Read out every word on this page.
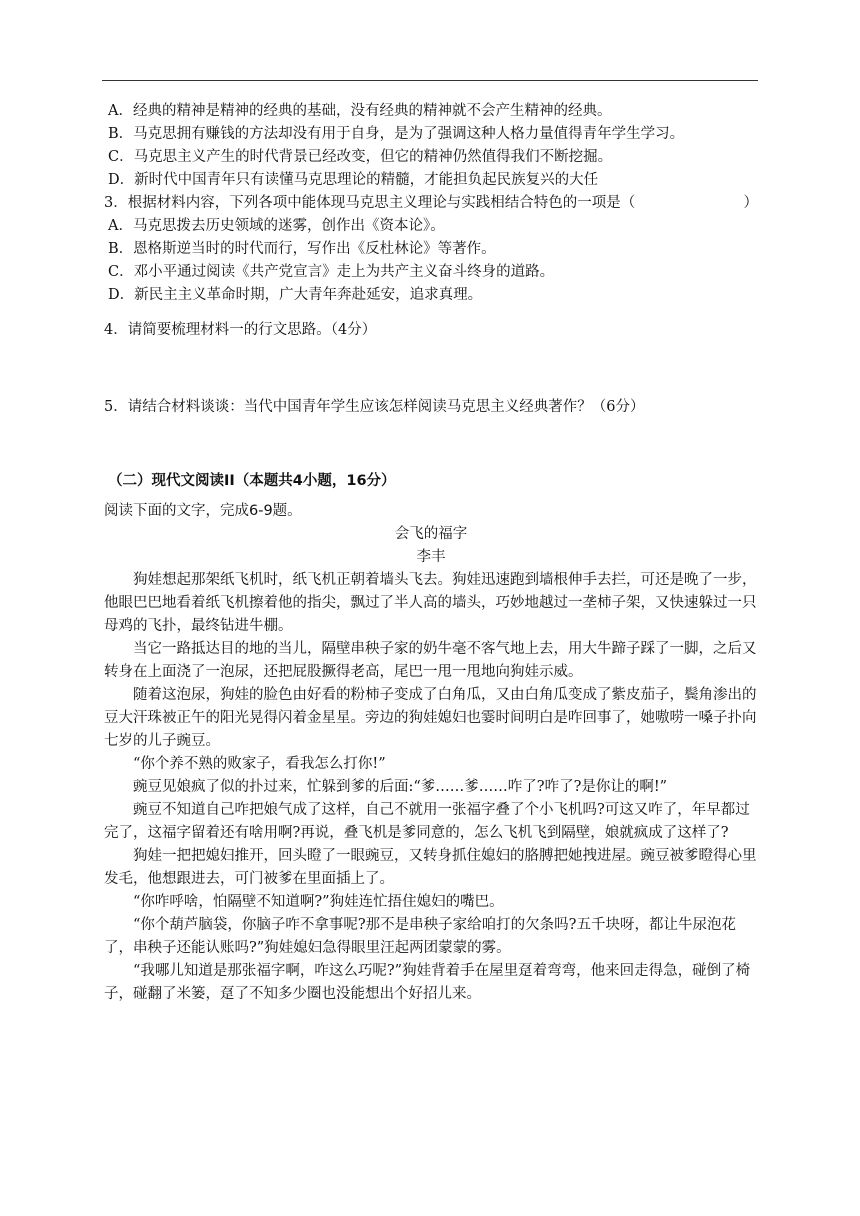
A．经典的精神是精神的经典的基础，没有经典的精神就不会产生精神的经典。

B．马克思拥有赚钱的方法却没有用于自身，是为了强调这种人格力量值得青年学生学习。

C．马克思主义产生的时代背景已经改变，但它的精神仍然值得我们不断挖掘。

D．新时代中国青年只有读懂马克思理论的精髓，才能担负起民族复兴的大任

3．根据材料内容，下列各项中能体现马克思主义理论与实践相结合特色的一项是（	）

A．马克思拨去历史领域的迷雾，创作出《资本论》。

B．恩格斯逆当时的时代而行，写作出《反杜林论》等著作。

C．邓小平通过阅读《共产党宣言》走上为共产主义奋斗终身的道路。

D．新民主主义革命时期，广大青年奔赴延安，追求真理。

4．请简要梳理材料一的行文思路。（4分）

5．请结合材料谈谈：当代中国青年学生应该怎样阅读马克思主义经典著作？（6分）

（二）现代文阅读II（本题共4小题，16分）

阅读下面的文字，完成6-9题。

会飞的福字

李丰

狗娃想起那架纸飞机时，纸飞机正朝着墙头飞去。狗娃迅速跑到墙根伸手去拦，可还是晚了一步，他眼巴巴地看着纸飞机擦着他的指尖，飘过了半人高的墙头，巧妙地越过一垄柿子架，又快速躲过一只母鸡的飞扑，最终钻进牛棚。

当它一路抵达目的地的当儿，隔壁串秧子家的奶牛毫不客气地上去，用大牛蹄子踩了一脚，之后又转身在上面浇了一泡尿，还把屁股撅得老高，尾巴一甩一甩地向狗娃示威。

随着这泡尿，狗娃的脸色由好看的粉柿子变成了白角瓜，又由白角瓜变成了紫皮茄子，鬓角渗出的豆大汗珠被正午的阳光晃得闪着金星星。旁边的狗娃媳妇也霎时间明白是咋回事了，她嗷唠一嗓子扑向七岁的儿子豌豆。

“你个养不熟的败家子，看我怎么打你!”

豌豆见娘疯了似的扑过来，忙躲到爹的后面:“爹……爹……咋了?咋了?是你让的啊!”

豌豆不知道自己咋把娘气成了这样，自己不就用一张福字叠了个小飞机吗?可这又咋了，年早都过完了，这福字留着还有啥用啊?再说，叠飞机是爹同意的，怎么飞机飞到隔壁，娘就疯成了这样了?

狗娃一把把媳妇推开，回头瞪了一眼豌豆，又转身抓住媳妇的胳膊把她拽进屋。豌豆被爹瞪得心里发毛，他想跟进去，可门被爹在里面插上了。

“你咋呼啥，怕隔壁不知道啊?”狗娃连忙捂住媳妇的嘴巴。

“你个葫芦脑袋，你脑子咋不拿事呢?那不是串秧子家给咱打的欠条吗?五千块呀，都让牛尿泡花了，串秧子还能认账吗?”狗娃媳妇急得眼里汪起两团蒙蒙的雾。

“我哪儿知道是那张福字啊，咋这么巧呢?”狗娃背着手在屋里趸着弯弯，他来回走得急，碰倒了椅子，碰翻了米篓，趸了不知多少圈也没能想出个好招儿来。
